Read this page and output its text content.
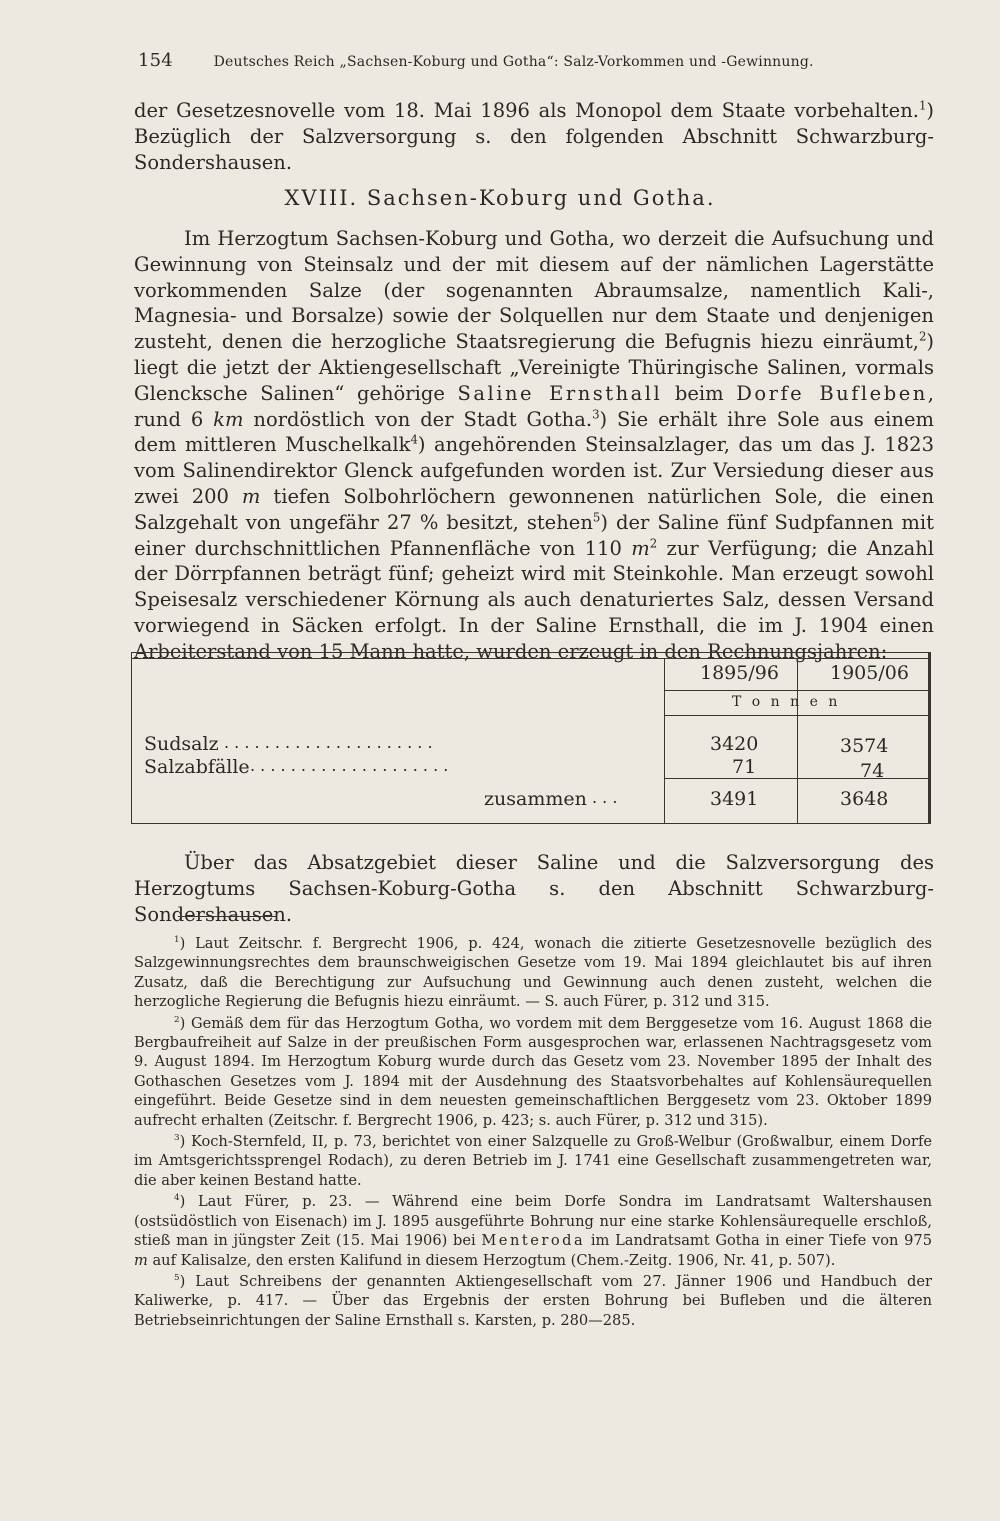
154	Deutsches Reich „Sachsen-Koburg und Gotha“: Salz-Vorkommen und -Gewinnung.
der Gesetzesnovelle vom 18. Mai 1896 als Monopol dem Staate vorbehalten.$^1$) Bezüglich der Salzversorgung s. den folgenden Abschnitt Schwarzburg-Sondershausen.
XVIII. Sachsen-Koburg und Gotha.
Im Herzogtum Sachsen-Koburg und Gotha, wo derzeit die Aufsuchung und Gewinnung von Steinsalz und der mit diesem auf der nämlichen Lagerstätte vorkommenden Salze (der sogenannten Abraumsalze, namentlich Kali-, Magnesia- und Borsalze) sowie der Solquellen nur dem Staate und denjenigen zusteht, denen die herzogliche Staatsregierung die Befugnis hiezu einräumt,$^2$) liegt die jetzt der Aktiengesellschaft „Vereinigte Thüringische Salinen, vormals Glencksche Salinen“ gehörige Saline Ernsthall beim Dorfe Bufleben, rund 6 km nordöstlich von der Stadt Gotha.$^3$) Sie erhält ihre Sole aus einem dem mittleren Muschelkalk$^4$) angehörenden Steinsalzlager, das um das J. 1823 vom Salinendirektor Glenck aufgefunden worden ist. Zur Versiedung dieser aus zwei 200 m tiefen Solbohrlöchern gewonnenen natürlichen Sole, die einen Salzgehalt von ungefähr 27 % besitzt, stehen$^5$) der Saline fünf Sudpfannen mit einer durchschnittlichen Pfannenfläche von 110 $m^2$ zur Verfügung; die Anzahl der Dörrpfannen beträgt fünf; geheizt wird mit Steinkohle. Man erzeugt sowohl Speisesalz verschiedener Körnung als auch denaturiertes Salz, dessen Versand vorwiegend in Säcken erfolgt. In der Saline Ernsthall, die im J. 1904 einen Arbeiterstand von 15 Mann hatte, wurden erzeugt in den Rechnungsjahren:
1895/96	1905/06
T o n n e n
Sudsalz . . . . . . . . . . . . . . . . . . . . .	3420	3574
Salzabfälle . . . . . . . . . . . . . . . . . . . .	71	74
zusammen . . .	3491	3648
Über das Absatzgebiet dieser Saline und die Salzversorgung des Herzogtums Sachsen-Koburg-Gotha s. den Abschnitt Schwarzburg-Sondershausen.

$^1$) Laut Zeitschr. f. Bergrecht 1906, p. 424, wonach die zitierte Gesetzesnovelle bezüglich des Salzgewinnungsrechtes dem braunschweigischen Gesetze vom 19. Mai 1894 gleichlautet bis auf ihren Zusatz, daß die Berechtigung zur Aufsuchung und Gewinnung auch denen zusteht, welchen die herzogliche Regierung die Befugnis hiezu einräumt. — S. auch Fürer, p. 312 und 315.

$^2$) Gemäß dem für das Herzogtum Gotha, wo vordem mit dem Berggesetze vom 16. August 1868 die Bergbaufreiheit auf Salze in der preußischen Form ausgesprochen war, erlassenen Nachtragsgesetz vom 9. August 1894. Im Herzogtum Koburg wurde durch das Gesetz vom 23. November 1895 der Inhalt des Gothaschen Gesetzes vom J. 1894 mit der Ausdehnung des Staatsvorbehaltes auf Kohlensäurequellen eingeführt. Beide Gesetze sind in dem neuesten gemeinschaftlichen Berggesetz vom 23. Oktober 1899 aufrecht erhalten (Zeitschr. f. Bergrecht 1906, p. 423; s. auch Fürer, p. 312 und 315).

$^3$) Koch-Sternfeld, II, p. 73, berichtet von einer Salzquelle zu Groß-Welbur (Großwalbur, einem Dorfe im Amtsgerichtssprengel Rodach), zu deren Betrieb im J. 1741 eine Gesellschaft zusammengetreten war, die aber keinen Bestand hatte.

$^4$) Laut Fürer, p. 23. — Während eine beim Dorfe Sondra im Landratsamt Waltershausen (ostsüdöstlich von Eisenach) im J. 1895 ausgeführte Bohrung nur eine starke Kohlensäurequelle erschloß, stieß man in jüngster Zeit (15. Mai 1906) bei Menteroda im Landratsamt Gotha in einer Tiefe von 975 m auf Kalisalze, den ersten Kalifund in diesem Herzogtum (Chem.-Zeitg. 1906, Nr. 41, p. 507).

$^5$) Laut Schreibens der genannten Aktiengesellschaft vom 27. Jänner 1906 und Handbuch der Kaliwerke, p. 417. — Über das Ergebnis der ersten Bohrung bei Bufleben und die älteren Betriebseinrichtungen der Saline Ernsthall s. Karsten, p. 280—285.
